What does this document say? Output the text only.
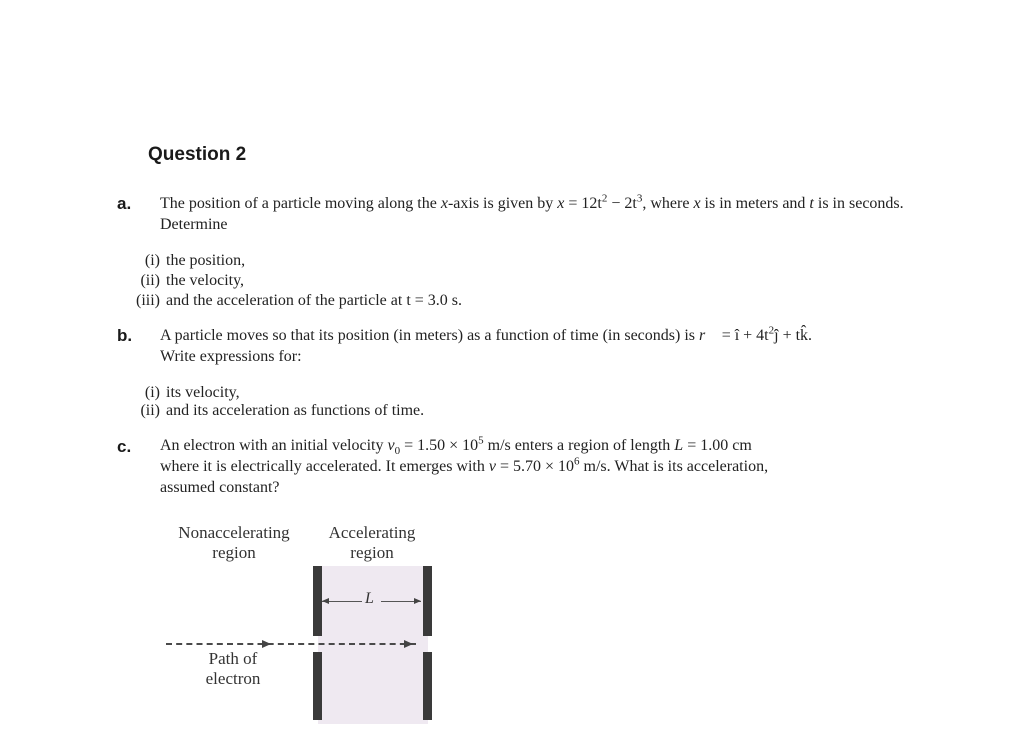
Question 2
a. The position of a particle moving along the x-axis is given by $x = 12t^2 - 2t^3$, where x is in meters and t is in seconds. Determine
(i) the position,
(ii) the velocity,
(iii) and the acceleration of the particle at t = 3.0 s.
b. A particle moves so that its position (in meters) as a function of time (in seconds) is r⃗ = î + $4t^2ĵ$ + tk̂.
Write expressions for:
(i) its velocity,
(ii) and its acceleration as functions of time.
c. An electron with an initial velocity $v_0 = 1.50 \times 10^5$ m/s enters a region of length L = 1.00 cm
where it is electrically accelerated. It emerges with $v = 5.70 \times 10^6$ m/s. What is its acceleration,
assumed constant?
Nonaccelerating
region
Accelerating
region
L
Path of
electron
